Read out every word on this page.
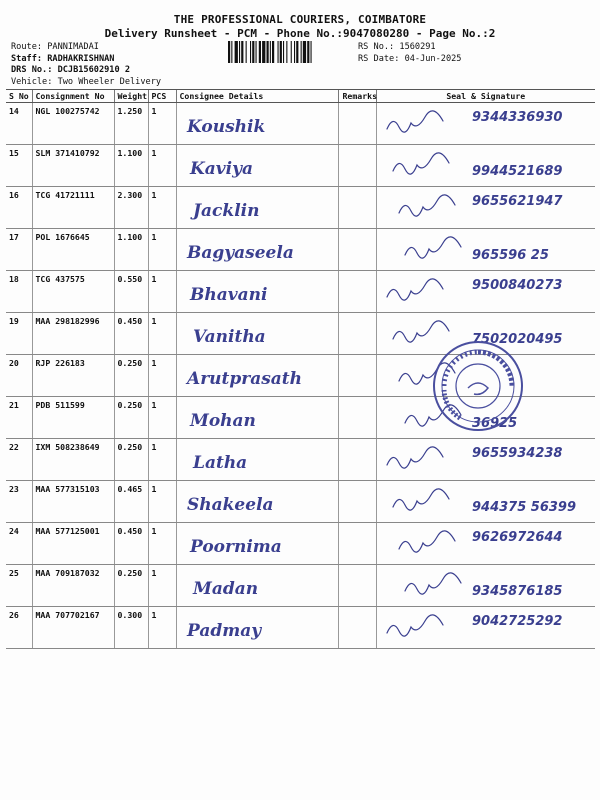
THE PROFESSIONAL COURIERS, COIMBATORE
Delivery Runsheet - PCM - Phone No.:9047080280 - Page No.:2
Route: PANNIMADAI
Staff: RADHAKRISHNAN
DRS No.: DCJB15602910 2
Vehicle: Two Wheeler Delivery
RS No.: 1560291
RS Date: 04-Jun-2025
S No	Consignment No	Weight	PCS	Consignee Details	Remarks	Seal & Signature
14	NGL 100275742	1.250	1	Koushik		9344336930

15	SLM 371410792	1.100	1	Kaviya		9944521689

16	TCG 41721111	2.300	1	Jacklin		9655621947

17	POL 1676645	1.100	1	Bagyaseela		965596 25

18	TCG 437575	0.550	1	Bhavani		9500840273

19	MAA 298182996	0.450	1	Vanitha		7502020495

20	RJP 226183	0.250	1	Arutprasath

21	PDB 511599	0.250	1	Mohan		36925

22	IXM 508238649	0.250	1	Latha		9655934238

23	MAA 577315103	0.465	1	Shakeela		944375 56399

24	MAA 577125001	0.450	1	Poornima		9626972644

25	MAA 709187032	0.250	1	Madan		9345876185

26	MAA 707702167	0.300	1	Padmay		9042725292
